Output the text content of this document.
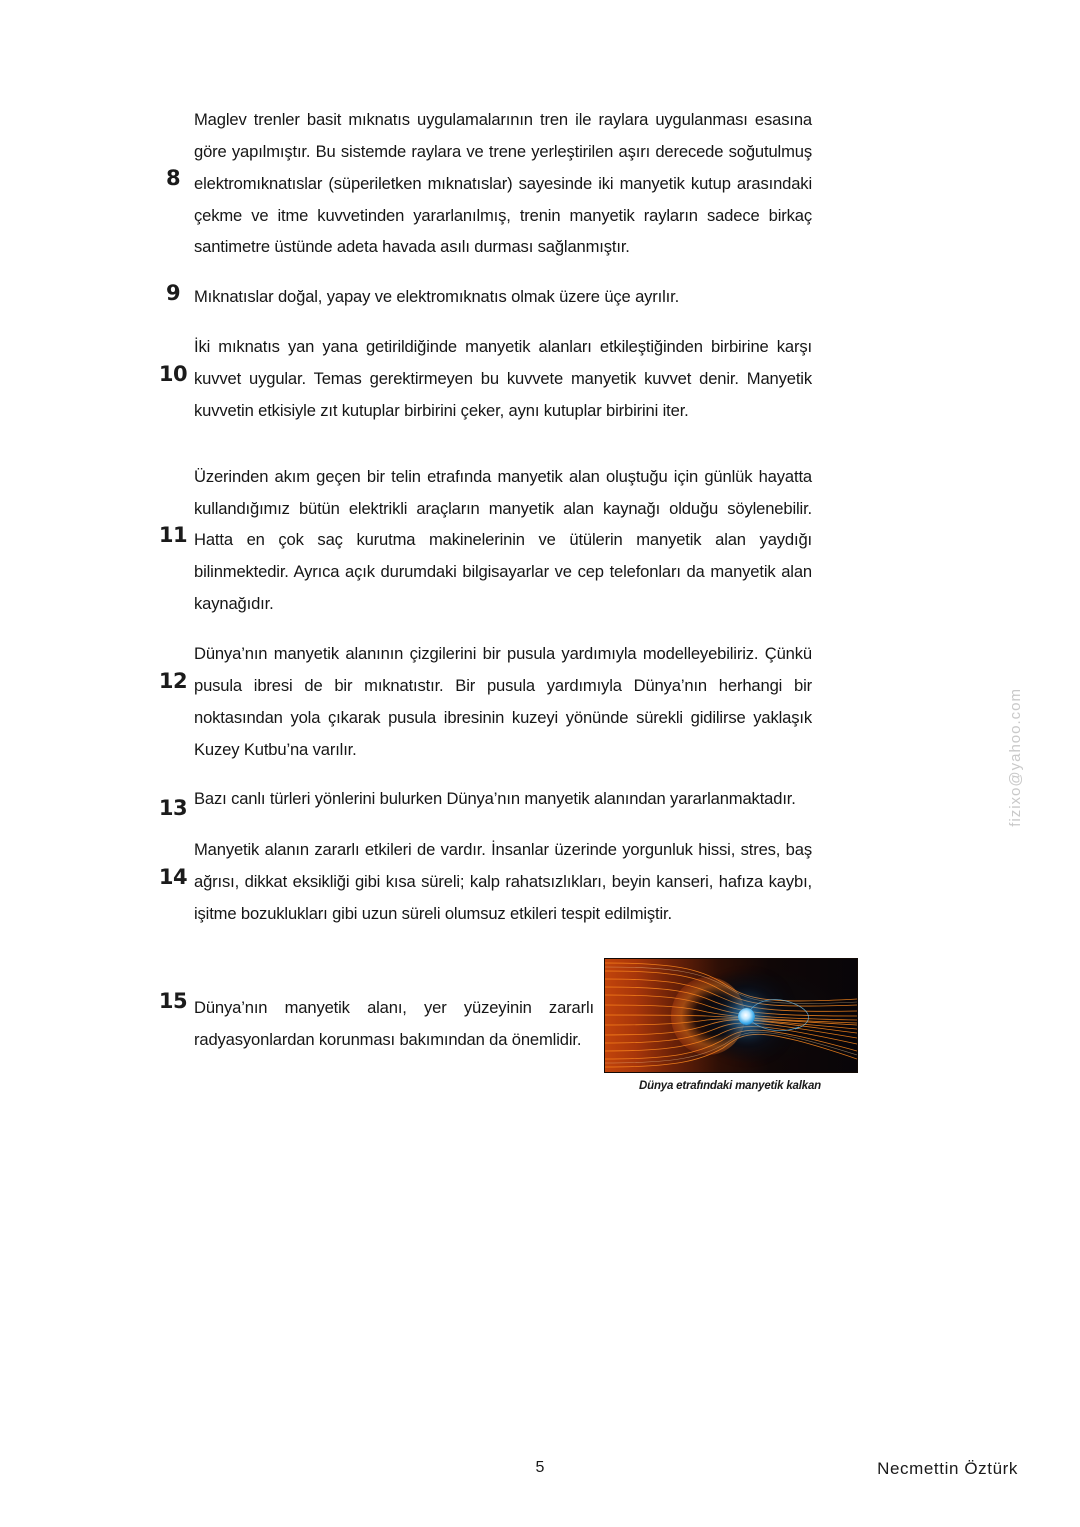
8
Maglev trenler basit mıknatıs uygulamalarının tren ile raylara uygulanması esasına göre yapılmıştır. Bu sistemde raylara ve trene yerleştirilen aşırı derecede soğutulmuş elektromıknatıslar (süperiletken mıknatıslar) sayesinde iki manyetik kutup arasındaki çekme ve itme kuvvetinden yararlanılmış, trenin manyetik rayların sadece birkaç santimetre üstünde adeta havada asılı durması sağlanmıştır.
9 Mıknatıslar doğal, yapay ve elektromıknatıs olmak üzere üçe ayrılır.
10
İki mıknatıs yan yana getirildiğinde manyetik alanları etkileştiğinden birbirine karşı kuvvet uygular. Temas gerektirmeyen bu kuvvete manyetik kuvvet denir. Manyetik kuvvetin etkisiyle zıt kutuplar birbirini çeker, aynı kutuplar birbirini iter.
11
Üzerinden akım geçen bir telin etrafında manyetik alan oluştuğu için günlük hayatta kullandığımız bütün elektrikli araçların manyetik alan kaynağı olduğu söylenebilir. Hatta en çok saç kurutma makinelerinin ve ütülerin manyetik alan yaydığı bilinmektedir. Ayrıca açık durumdaki bilgisayarlar ve cep telefonları da manyetik alan kaynağıdır.
12
Dünya’nın manyetik alanının çizgilerini bir pusula yardımıyla modelleyebiliriz. Çünkü pusula ibresi de bir mıknatıstır. Bir pusula yardımıyla Dünya’nın herhangi bir noktasından yola çıkarak pusula ibresinin kuzeyi yönünde sürekli gidilirse yaklaşık Kuzey Kutbu’na varılır.
13 Bazı canlı türleri yönlerini bulurken Dünya’nın manyetik alanından yararlanmaktadır.
14
Manyetik alanın zararlı etkileri de vardır. İnsanlar üzerinde yorgunluk hissi, stres, baş ağrısı, dikkat eksikliği gibi kısa süreli; kalp rahatsızlıkları, beyin kanseri, hafıza kaybı, işitme bozuklukları gibi uzun süreli olumsuz etkileri tespit edilmiştir.
15 Dünya’nın manyetik alanı, yer yüzeyinin zararlı radyasyonlardan korunması bakımından da önemlidir.
Dünya etrafındaki manyetik kalkan
fizixo@yahoo.com
5	Necmettin Öztürk
